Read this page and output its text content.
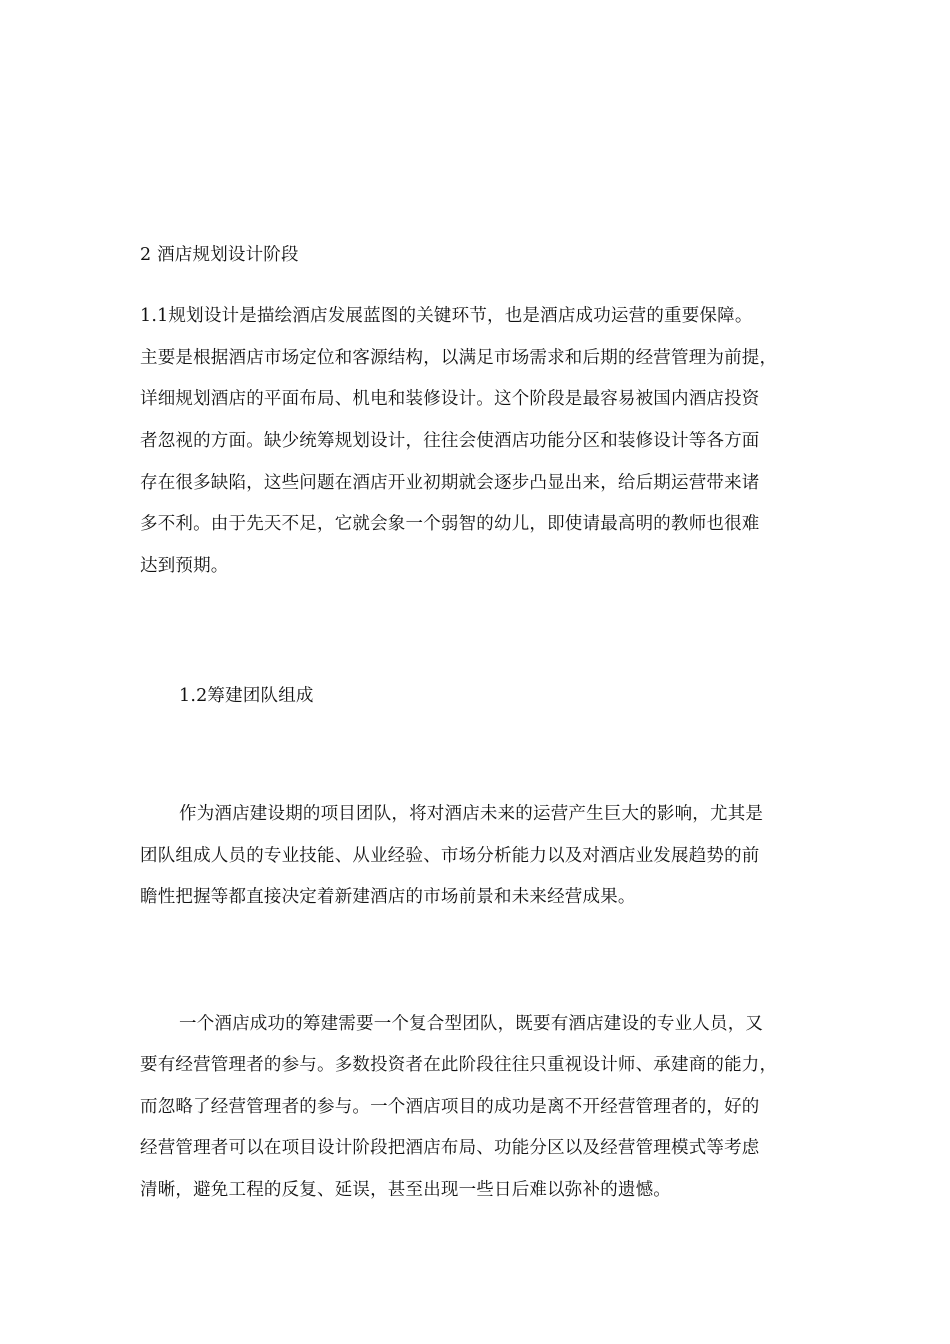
2 酒店规划设计阶段
1.1规划设计是描绘酒店发展蓝图的关键环节，也是酒店成功运营的重要保障。
主要是根据酒店市场定位和客源结构，以满足市场需求和后期的经营管理为前提，
详细规划酒店的平面布局、机电和装修设计。这个阶段是最容易被国内酒店投资
者忽视的方面。缺少统筹规划设计，往往会使酒店功能分区和装修设计等各方面
存在很多缺陷，这些问题在酒店开业初期就会逐步凸显出来，给后期运营带来诸
多不利。由于先天不足，它就会象一个弱智的幼儿，即使请最高明的教师也很难
达到预期。
1.2筹建团队组成
作为酒店建设期的项目团队，将对酒店未来的运营产生巨大的影响，尤其是
团队组成人员的专业技能、从业经验、市场分析能力以及对酒店业发展趋势的前
瞻性把握等都直接决定着新建酒店的市场前景和未来经营成果。
一个酒店成功的筹建需要一个复合型团队，既要有酒店建设的专业人员，又
要有经营管理者的参与。多数投资者在此阶段往往只重视设计师、承建商的能力，
而忽略了经营管理者的参与。一个酒店项目的成功是离不开经营管理者的，好的
经营管理者可以在项目设计阶段把酒店布局、功能分区以及经营管理模式等考虑
清晰，避免工程的反复、延误，甚至出现一些日后难以弥补的遗憾。
